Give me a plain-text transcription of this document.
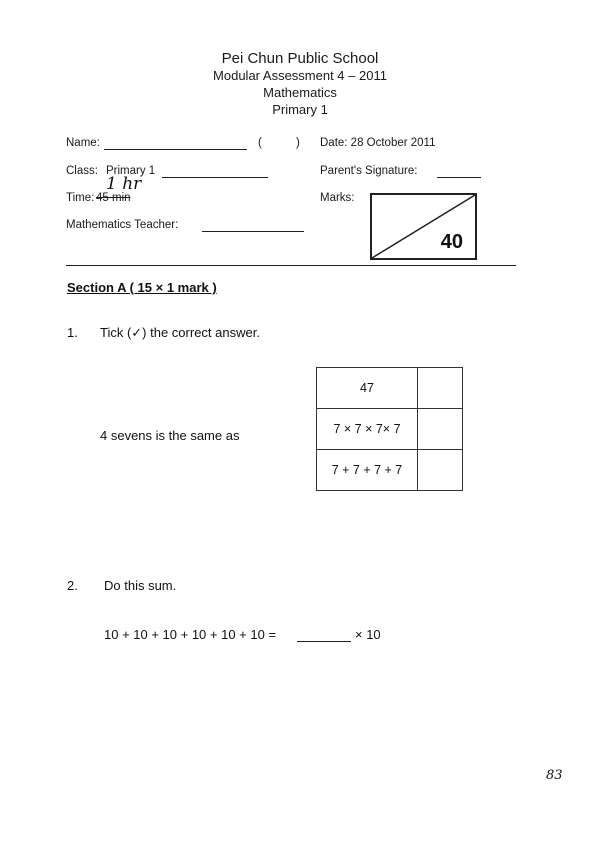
Pei Chun Public School
Modular Assessment 4 – 2011
Mathematics
Primary 1
Name:	(	) Date: 28 October 2011
Class: Primary 1	Parent's Signature:
Time: 45 min
1 hr
Marks:
40
Mathematics Teacher:
Section A ( 15 × 1 mark )
1. Tick (✓) the correct answer.
4 sevens is the same as
47	
7 × 7 × 7× 7	
7 + 7 + 7 + 7	
2. Do this sum.
10 + 10 + 10 + 10 + 10 + 10 =	× 10
83
